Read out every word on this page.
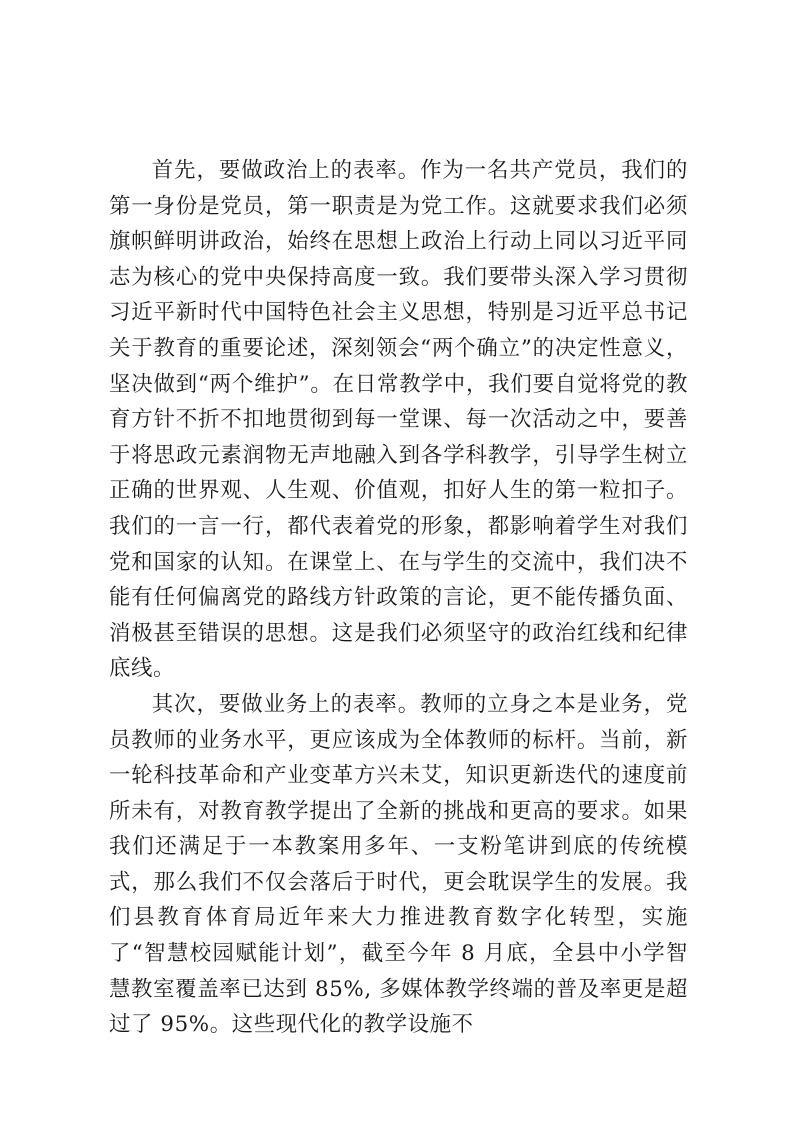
首先，要做政治上的表率。作为一名共产党员，我们的第一身份是党员，第一职责是为党工作。这就要求我们必须旗帜鲜明讲政治，始终在思想上政治上行动上同以习近平同志为核心的党中央保持高度一致。我们要带头深入学习贯彻习近平新时代中国特色社会主义思想，特别是习近平总书记关于教育的重要论述，深刻领会“两个确立”的决定性意义，坚决做到“两个维护”。在日常教学中，我们要自觉将党的教育方针不折不扣地贯彻到每一堂课、每一次活动之中，要善于将思政元素润物无声地融入到各学科教学，引导学生树立正确的世界观、人生观、价值观，扣好人生的第一粒扣子。我们的一言一行，都代表着党的形象，都影响着学生对我们党和国家的认知。在课堂上、在与学生的交流中，我们决不能有任何偏离党的路线方针政策的言论，更不能传播负面、消极甚至错误的思想。这是我们必须坚守的政治红线和纪律底线。

其次，要做业务上的表率。教师的立身之本是业务，党员教师的业务水平，更应该成为全体教师的标杆。当前，新一轮科技革命和产业变革方兴未艾，知识更新迭代的速度前所未有，对教育教学提出了全新的挑战和更高的要求。如果我们还满足于一本教案用多年、一支粉笔讲到底的传统模式，那么我们不仅会落后于时代，更会耽误学生的发展。我们县教育体育局近年来大力推进教育数字化转型，实施了“智慧校园赋能计划”，截至今年 8 月底，全县中小学智慧教室覆盖率已达到 85%, 多媒体教学终端的普及率更是超过了 95%。这些现代化的教学设施不
